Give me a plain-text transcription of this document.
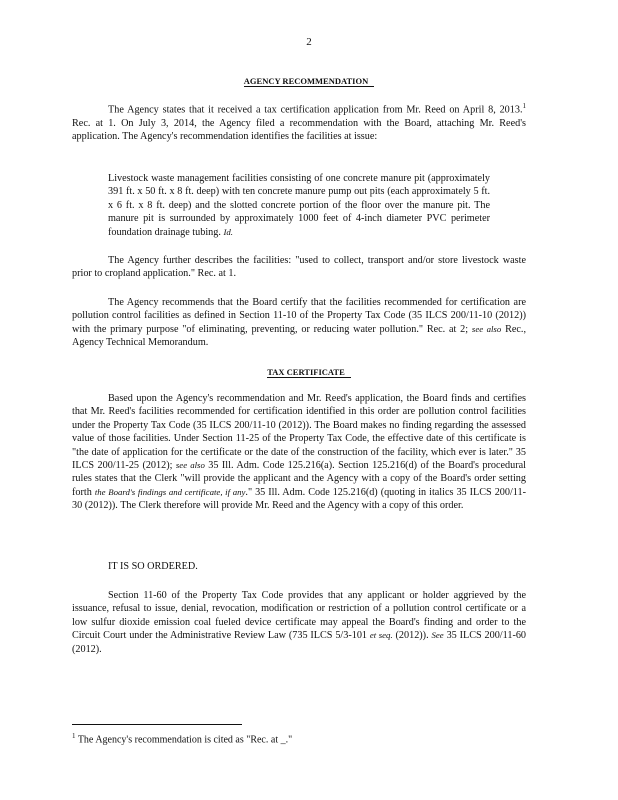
2
AGENCY RECOMMENDATION
The Agency states that it received a tax certification application from Mr. Reed on April 8, 2013.$^1$ Rec. at 1. On July 3, 2014, the Agency filed a recommendation with the Board, attaching Mr. Reed's application. The Agency's recommendation identifies the facilities at issue:
Livestock waste management facilities consisting of one concrete manure pit (approximately 391 ft. x 50 ft. x 8 ft. deep) with ten concrete manure pump out pits (each approximately 5 ft. x 6 ft. x 8 ft. deep) and the slotted concrete portion of the floor over the manure pit. The manure pit is surrounded by approximately 1000 feet of 4-inch diameter PVC perimeter foundation drainage tubing. Id.
The Agency further describes the facilities: "used to collect, transport and/or store livestock waste prior to cropland application." Rec. at 1.
The Agency recommends that the Board certify that the facilities recommended for certification are pollution control facilities as defined in Section 11-10 of the Property Tax Code (35 ILCS 200/11-10 (2012)) with the primary purpose "of eliminating, preventing, or reducing water pollution." Rec. at 2; see also Rec., Agency Technical Memorandum.
TAX CERTIFICATE
Based upon the Agency's recommendation and Mr. Reed's application, the Board finds and certifies that Mr. Reed's facilities recommended for certification identified in this order are pollution control facilities under the Property Tax Code (35 ILCS 200/11-10 (2012)). The Board makes no finding regarding the assessed value of those facilities. Under Section 11-25 of the Property Tax Code, the effective date of this certificate is "the date of application for the certificate or the date of the construction of the facility, which ever is later." 35 ILCS 200/11-25 (2012); see also 35 Ill. Adm. Code 125.216(a). Section 125.216(d) of the Board's procedural rules states that the Clerk "will provide the applicant and the Agency with a copy of the Board's order setting forth the Board's findings and certificate, if any." 35 Ill. Adm. Code 125.216(d) (quoting in italics 35 ILCS 200/11-30 (2012)). The Clerk therefore will provide Mr. Reed and the Agency with a copy of this order.
IT IS SO ORDERED.
Section 11-60 of the Property Tax Code provides that any applicant or holder aggrieved by the issuance, refusal to issue, denial, revocation, modification or restriction of a pollution control certificate or a low sulfur dioxide emission coal fueled device certificate may appeal the Board's finding and order to the Circuit Court under the Administrative Review Law (735 ILCS 5/3-101 et seq. (2012)). See 35 ILCS 200/11-60 (2012).
$^1$ The Agency's recommendation is cited as "Rec. at _."
